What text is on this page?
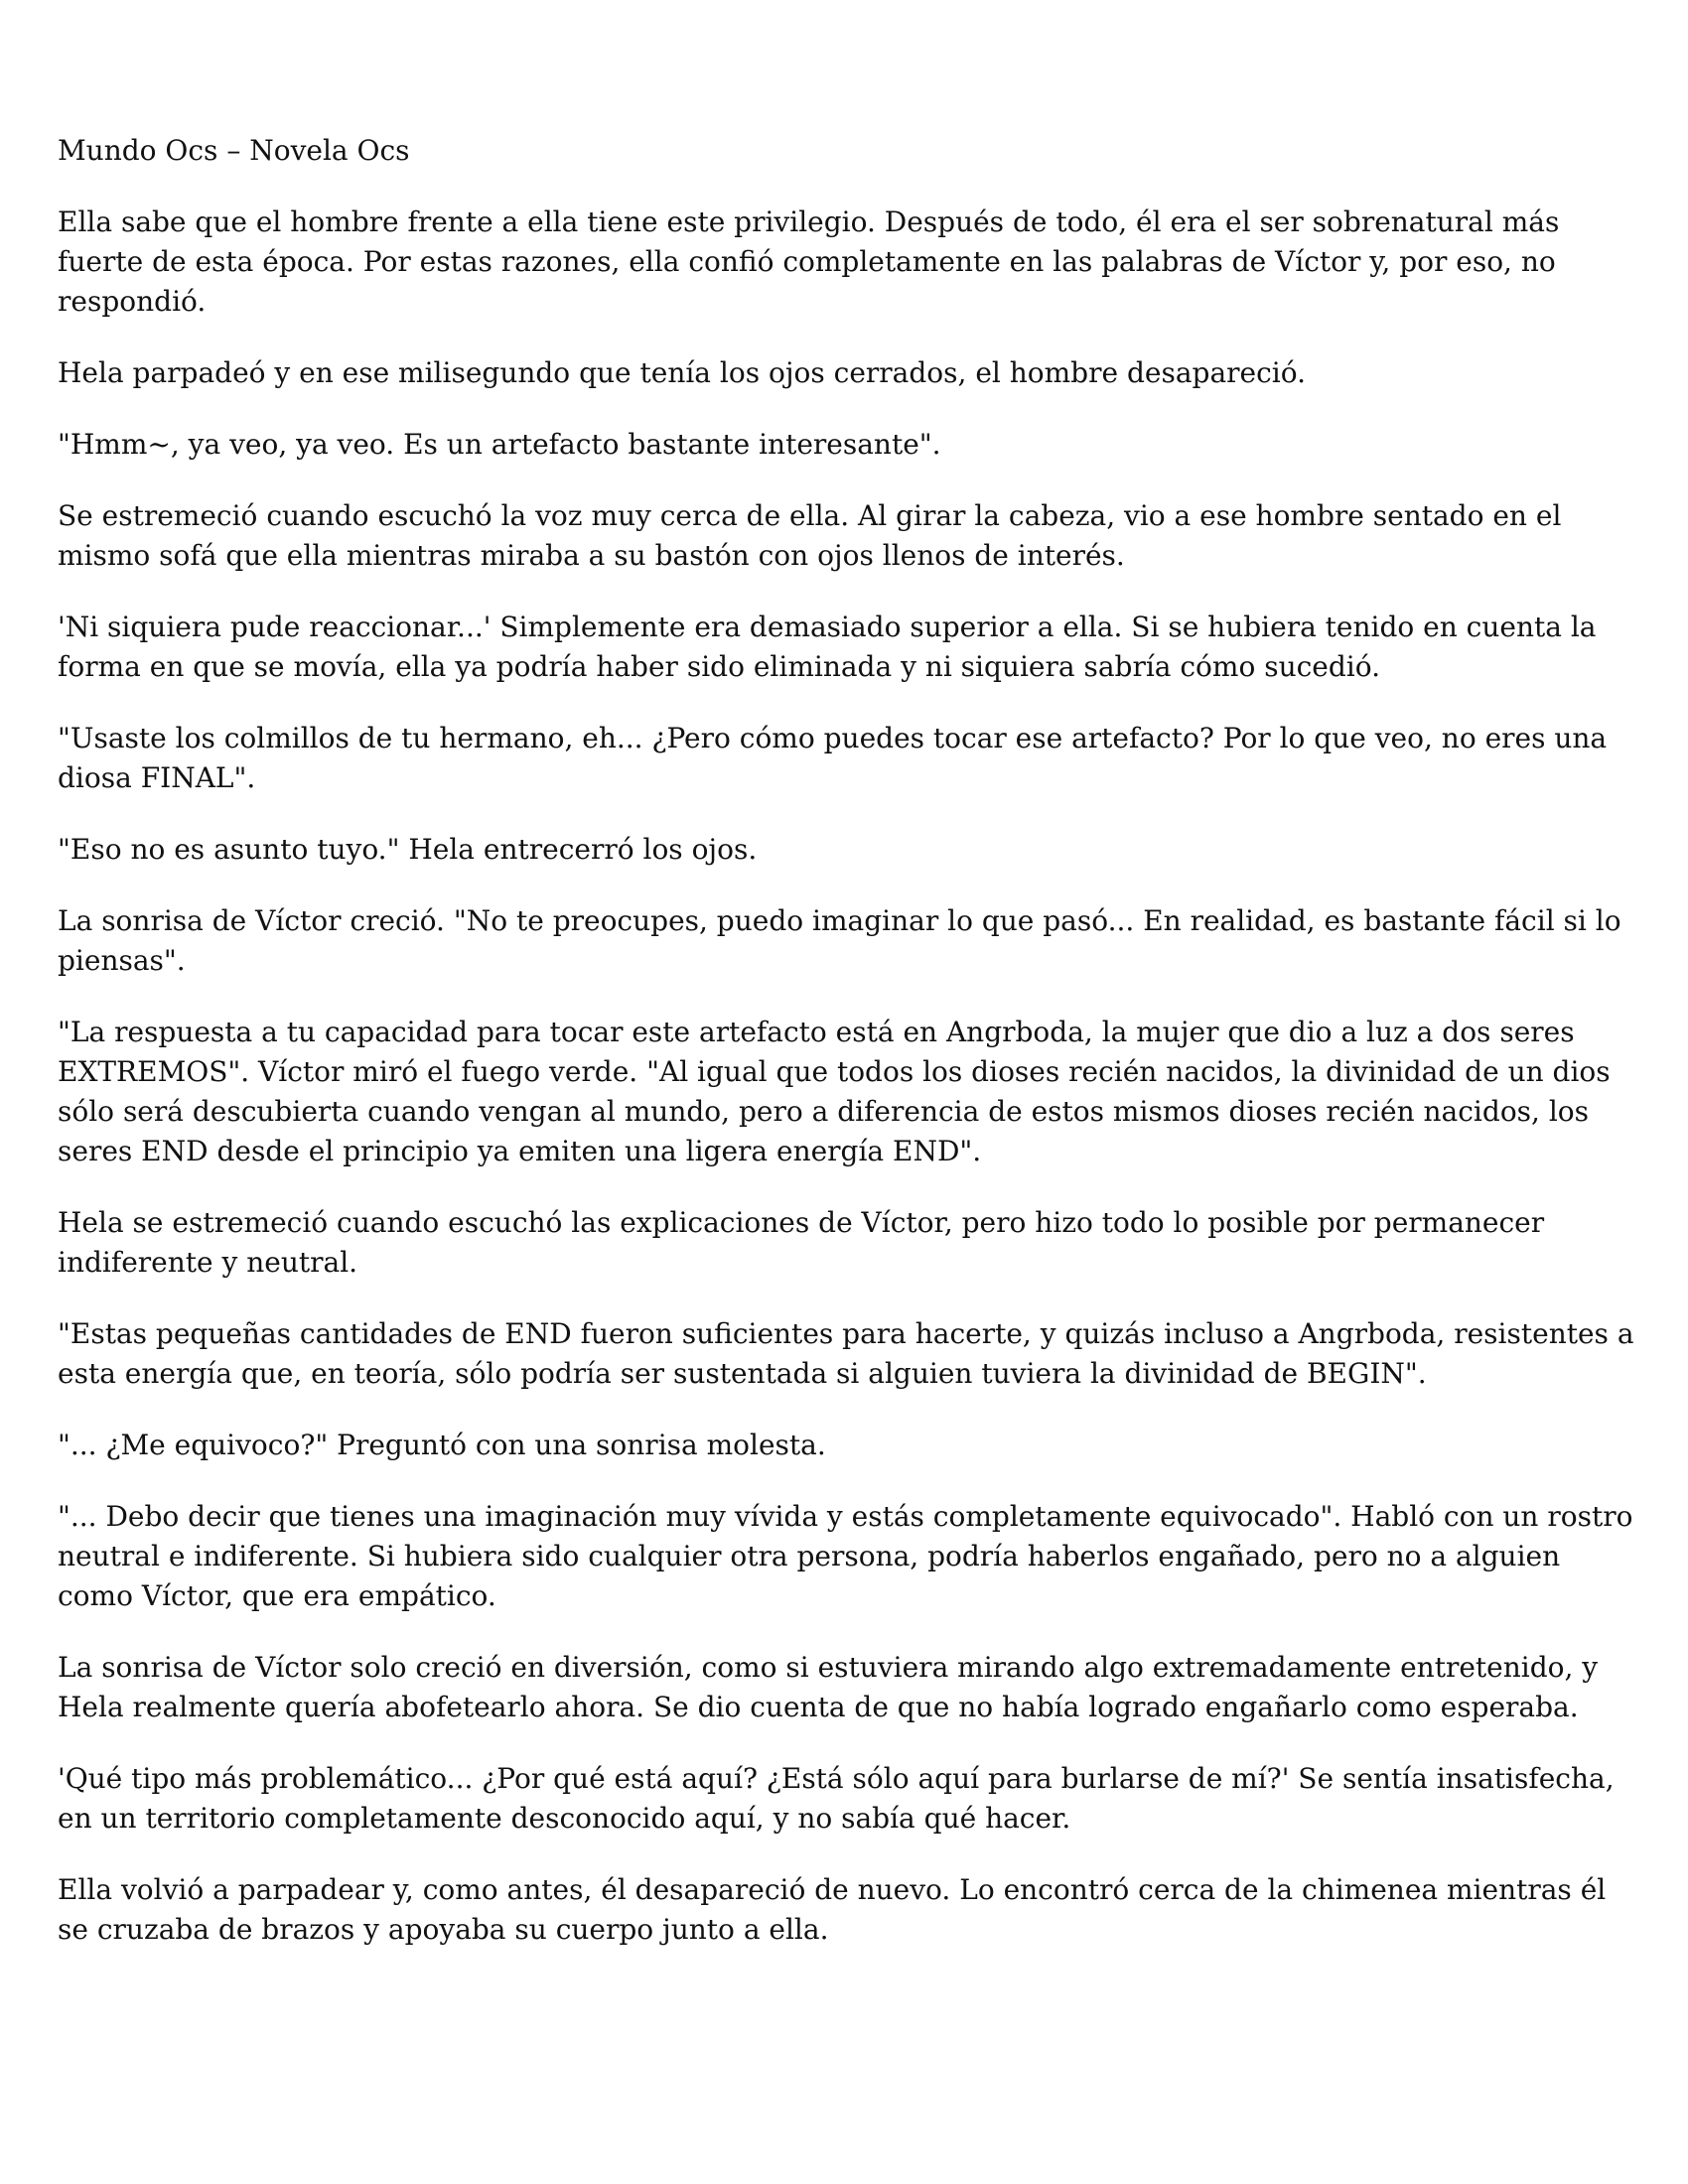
Mundo Ocs – Novela Ocs

Ella sabe que el hombre frente a ella tiene este privilegio. Después de todo, él era el ser sobrenatural más fuerte de esta época. Por estas razones, ella confió completamente en las palabras de Víctor y, por eso, no respondió.

Hela parpadeó y en ese milisegundo que tenía los ojos cerrados, el hombre desapareció.

"Hmm~, ya veo, ya veo. Es un artefacto bastante interesante".

Se estremeció cuando escuchó la voz muy cerca de ella. Al girar la cabeza, vio a ese hombre sentado en el mismo sofá que ella mientras miraba a su bastón con ojos llenos de interés.

'Ni siquiera pude reaccionar...' Simplemente era demasiado superior a ella. Si se hubiera tenido en cuenta la forma en que se movía, ella ya podría haber sido eliminada y ni siquiera sabría cómo sucedió.

"Usaste los colmillos de tu hermano, eh... ¿Pero cómo puedes tocar ese artefacto? Por lo que veo, no eres una diosa FINAL".

"Eso no es asunto tuyo." Hela entrecerró los ojos.

La sonrisa de Víctor creció. "No te preocupes, puedo imaginar lo que pasó... En realidad, es bastante fácil si lo piensas".

"La respuesta a tu capacidad para tocar este artefacto está en Angrboda, la mujer que dio a luz a dos seres EXTREMOS". Víctor miró el fuego verde. "Al igual que todos los dioses recién nacidos, la divinidad de un dios sólo será descubierta cuando vengan al mundo, pero a diferencia de estos mismos dioses recién nacidos, los seres END desde el principio ya emiten una ligera energía END".

Hela se estremeció cuando escuchó las explicaciones de Víctor, pero hizo todo lo posible por permanecer indiferente y neutral.

"Estas pequeñas cantidades de END fueron suficientes para hacerte, y quizás incluso a Angrboda, resistentes a esta energía que, en teoría, sólo podría ser sustentada si alguien tuviera la divinidad de BEGIN".

"... ¿Me equivoco?" Preguntó con una sonrisa molesta.

"... Debo decir que tienes una imaginación muy vívida y estás completamente equivocado". Habló con un rostro neutral e indiferente. Si hubiera sido cualquier otra persona, podría haberlos engañado, pero no a alguien como Víctor, que era empático.

La sonrisa de Víctor solo creció en diversión, como si estuviera mirando algo extremadamente entretenido, y Hela realmente quería abofetearlo ahora. Se dio cuenta de que no había logrado engañarlo como esperaba.

'Qué tipo más problemático... ¿Por qué está aquí? ¿Está sólo aquí para burlarse de mí?' Se sentía insatisfecha, en un territorio completamente desconocido aquí, y no sabía qué hacer.

Ella volvió a parpadear y, como antes, él desapareció de nuevo. Lo encontró cerca de la chimenea mientras él se cruzaba de brazos y apoyaba su cuerpo junto a ella.
